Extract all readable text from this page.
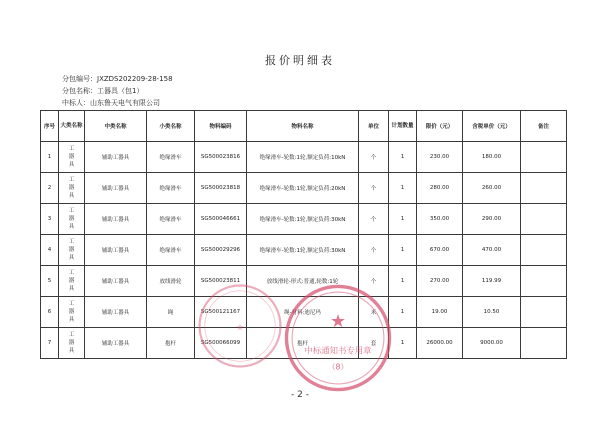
报价明细表
分包编号：JXZDS202209-28-158
分包名称：工器具（包1）
中标人：山东鲁天电气有限公司
序号	大类名称	中类名称	小类名称	物料编码	物料名称	单位	计划数量	限价（元）	含税单价（元）	备注
1	工
器
具	辅助工器具	绝缘滑车	SG500023816	绝缘滑车-轮数:1轮,额定负荷:10kN	个	1	230.00	180.00	
2	工
器
具	辅助工器具	绝缘滑车	SG500023818	绝缘滑车-轮数:1轮,额定负荷:20kN	个	1	280.00	260.00	
3	工
器
具	辅助工器具	绝缘滑车	SG500046661	绝缘滑车-轮数:1轮,额定负荷:30kN	个	1	350.00	290.00	
4	工
器
具	辅助工器具	绝缘滑车	SG500029296	绝缘滑车-轮数:1轮,额定负荷:30kN	个	1	670.00	470.00	
5	工
器
具	辅助工器具	放线滑轮	SG500023811	放线滑轮-形式:普通,轮数:1轮	个	1	270.00	119.99	
6	工
器
具	辅助工器具	绳	SG500121167	绳-材料:迪尼玛	米	1	19.00	10.50	
7	工
器
具	辅助工器具	抱杆	SG500066099	抱杆	套	1	26000.00	9000.00	
★	★
中标通知书专用章
（8）
- 2 -
